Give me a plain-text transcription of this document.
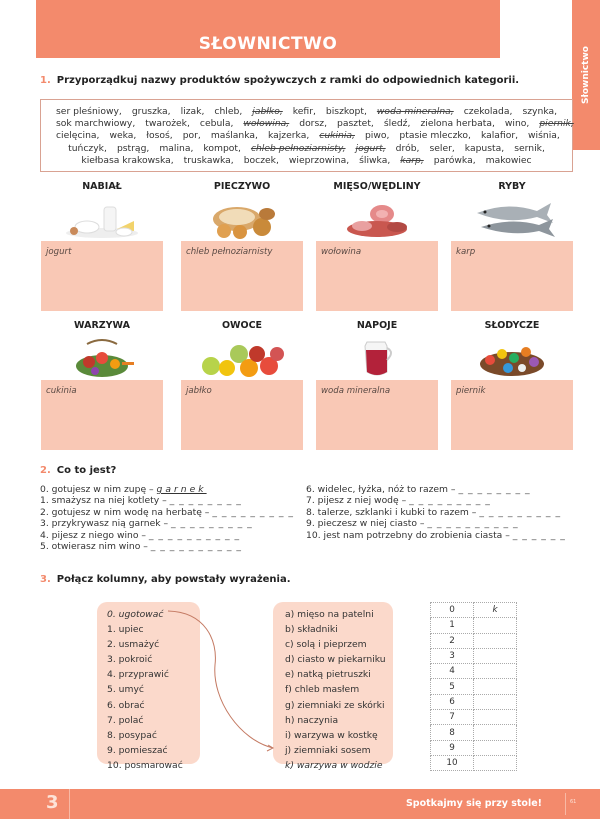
SŁOWNICTWO
Słownictwo
1. Przyporządkuj nazwy produktów spożywczych z ramki do odpowiednich kategorii.
ser pleśniowy, gruszka, lizak, chleb, jabłko, kefir, biszkopt, woda mineralna, czekolada, szynka,
sok marchwiowy, twarożek, cebula, wołowina, dorsz, pasztet, śledź, zielona herbata, wino, piernik,
cielęcina, weka, łosoś, por, maślanka, kajzerka, cukinia, piwo, ptasie mleczko, kalafior, wiśnia,
tuńczyk, pstrąg, malina, kompot, chleb pełnoziarnisty, jogurt, drób, seler, kapusta, sernik,
kiełbasa krakowska, truskawka, boczek, wieprzowina, śliwka, karp, parówka, makowiec
NABIAŁ
jogurt
PIECZYWO
chleb pełnoziarnisty
MIĘSO/WĘDLINY
wołowina
RYBY
karp
WARZYWA
cukinia
OWOCE
jabłko
NAPOJE
woda mineralna
SŁODYCZE
piernik
2. Co to jest?
0. gotujesz w nim zupę – garnek
1. smażysz na niej kotlety – _ _ _ _ _ _ _ _
2. gotujesz w nim wodę na herbatę – _ _ _ _ _ _ _ _ _
3. przykrywasz nią garnek – _ _ _ _ _ _ _ _ _
4. pijesz z niego wino – _ _ _ _ _ _ _ _ _ _
5. otwierasz nim wino – _ _ _ _ _ _ _ _ _ _
6. widelec, łyżka, nóż to razem – _ _ _ _ _ _ _ _
7. pijesz z niej wodę – _ _ _ _ _ _ _ _ _
8. talerze, szklanki i kubki to razem – _ _ _ _ _ _ _ _ _
9. pieczesz w niej ciasto – _ _ _ _ _ _ _ _ _ _
10. jest nam potrzebny do zrobienia ciasta – _ _ _ _ _ _
3. Połącz kolumny, aby powstały wyrażenia.
0. ugotować
1. upiec
2. usmażyć
3. pokroić
4. przyprawić
5. umyć
6. obrać
7. polać
8. posypać
9. pomieszać
10. posmarować
a) mięso na patelni
b) składniki
c) solą i pieprzem
d) ciasto w piekarniku
e) natką pietruszki
f) chleb masłem
g) ziemniaki ze skórki
h) naczynia
i) warzywa w kostkę
j) ziemniaki sosem
k) warzywa w wodzie
0	k
1	
2	
3	
4	
5	
6	
7	
8	
9	
10	
3	Spotkajmy się przy stole!	61
